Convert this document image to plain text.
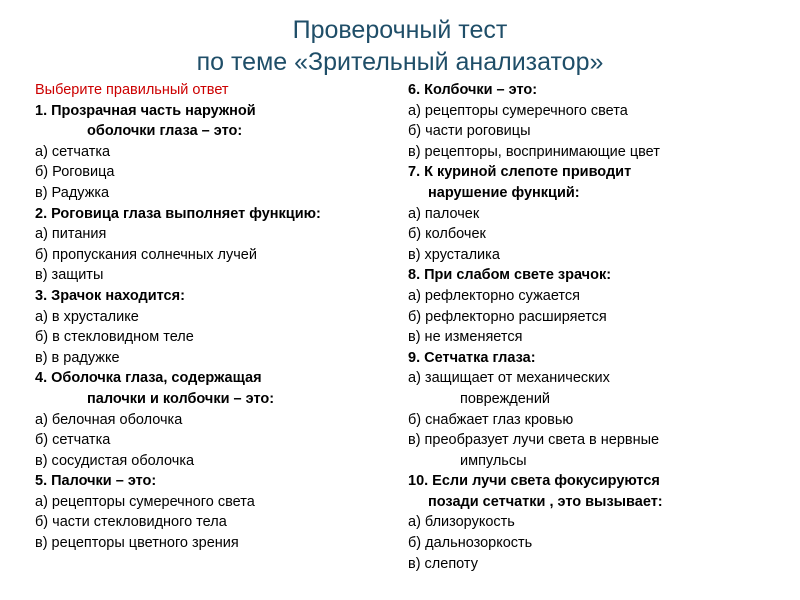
Проверочный тест
по теме «Зрительный анализатор»
Выберите правильный ответ
1. Прозрачная часть наружной
оболочки глаза – это:
а) сетчатка
б) Роговица
в) Радужка
2. Роговица глаза выполняет функцию:
а) питания
б) пропускания солнечных лучей
в) защиты
3. Зрачок находится:
а) в хрусталике
б) в стекловидном теле
в) в радужке
4. Оболочка глаза, содержащая
палочки и колбочки – это:
а) белочная оболочка
б) сетчатка
в) сосудистая оболочка
5. Палочки – это:
а) рецепторы сумеречного света
б) части стекловидного тела
в) рецепторы цветного зрения
6. Колбочки – это:
а) рецепторы сумеречного света
б) части роговицы
в) рецепторы, воспринимающие цвет
7. К куриной слепоте приводит
нарушение функций:
а) палочек
б) колбочек
в) хрусталика
8. При слабом свете зрачок:
а) рефлекторно сужается
б) рефлекторно расширяется
в) не изменяется
9. Сетчатка глаза:
а) защищает от механических
повреждений
б) снабжает глаз кровью
в) преобразует лучи света в нервные
импульсы
10. Если лучи света фокусируются
позади сетчатки , это вызывает:
а) близорукость
б) дальнозоркость
в) слепоту
